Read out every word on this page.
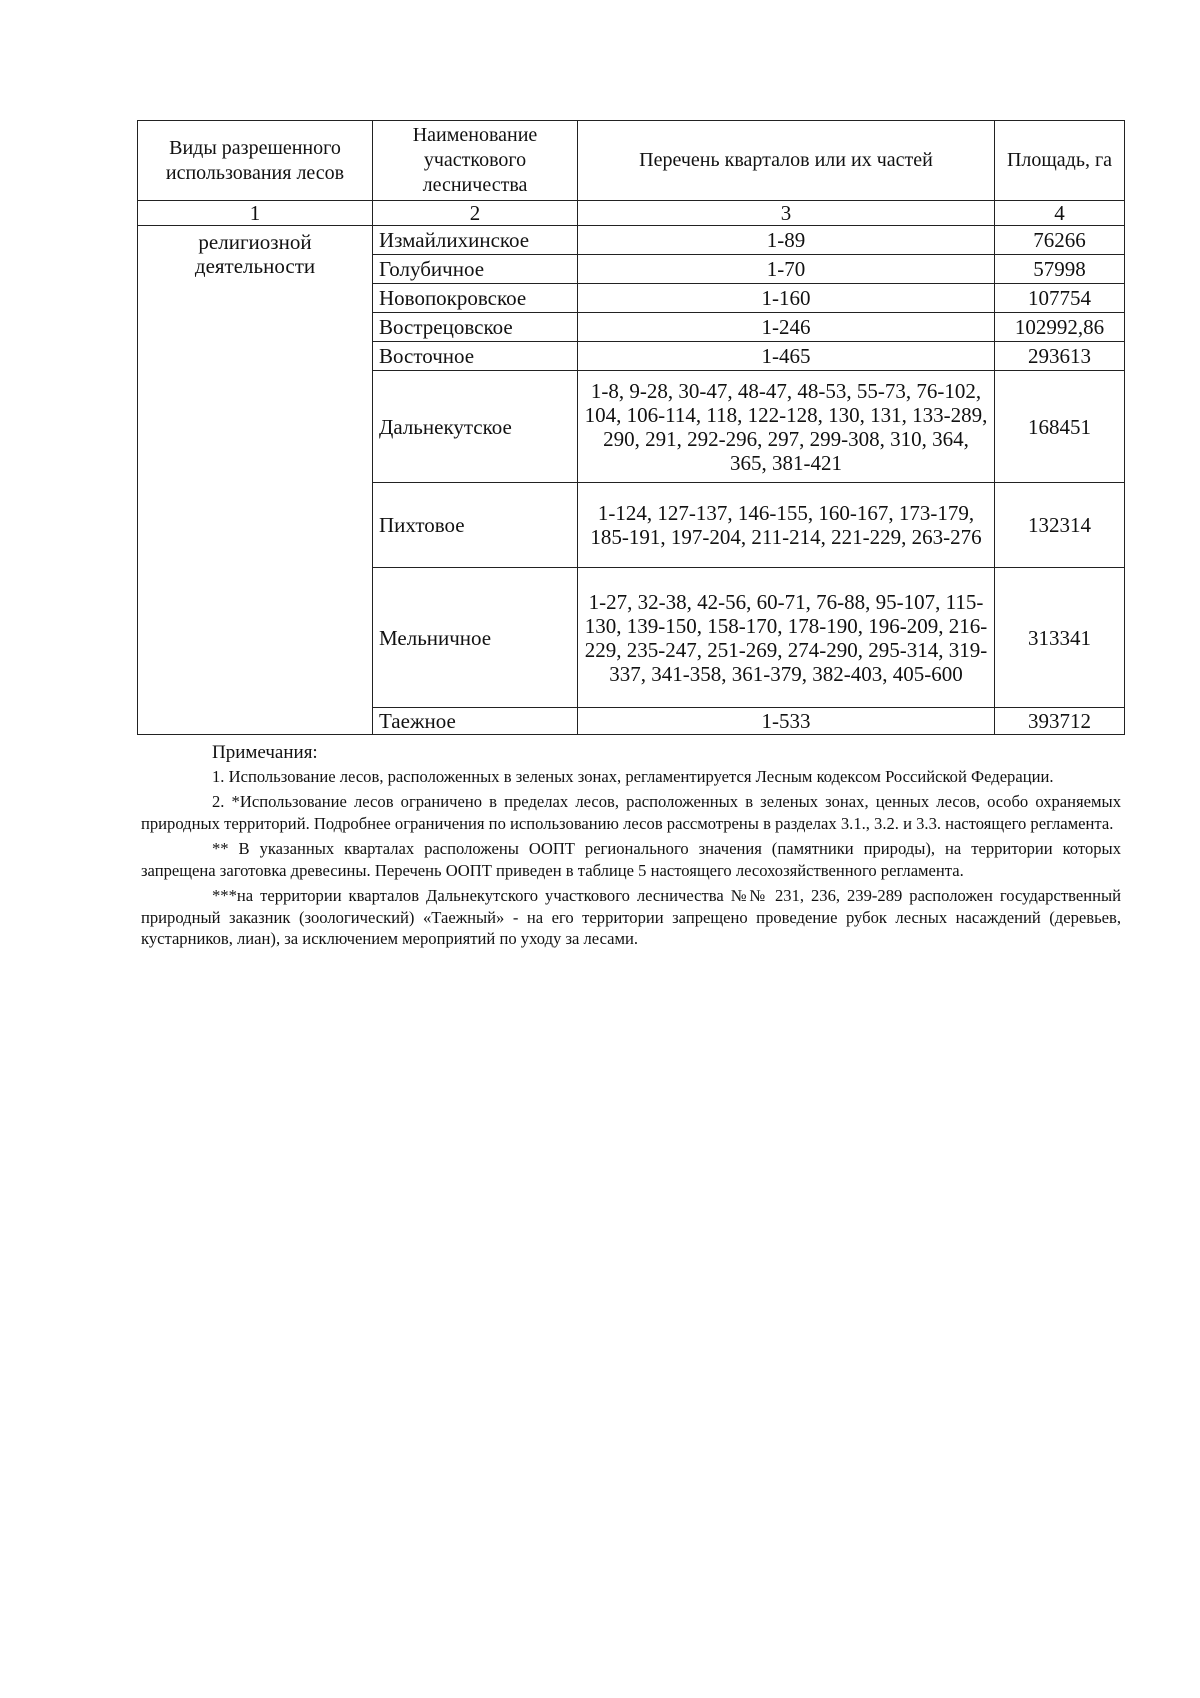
Виды разрешенного использования лесов	Наименование участкового лесничества	Перечень кварталов или их частей	Площадь, га
1	2	3	4
религиозной деятельности	Измайлихинское	1-89	76266
	Голубичное	1-70	57998
	Новопокровское	1-160	107754
	Вострецовское	1-246	102992,86
	Восточное	1-465	293613
	Дальнекутское	1-8, 9-28, 30-47, 48-47, 48-53, 55-73, 76-102, 104, 106-114, 118, 122-128, 130, 131, 133-289, 290, 291, 292-296, 297, 299-308, 310, 364, 365, 381-421	168451
	Пихтовое	1-124, 127-137, 146-155, 160-167, 173-179, 185-191, 197-204, 211-214, 221-229, 263-276	132314
	Мельничное	1-27, 32-38, 42-56, 60-71, 76-88, 95-107, 115-130, 139-150, 158-170, 178-190, 196-209, 216-229, 235-247, 251-269, 274-290, 295-314, 319-337, 341-358, 361-379, 382-403, 405-600	313341
	Таежное	1-533	393712
Примечания:

1. Использование лесов, расположенных в зеленых зонах, регламентируется Лесным кодексом Российской Федерации.

2. *Использование лесов ограничено в пределах лесов, расположенных в зеленых зонах, ценных лесов, особо охраняемых природных территорий. Подробнее ограничения по использованию лесов рассмотрены в разделах 3.1., 3.2. и 3.3. настоящего регламента.

** В указанных кварталах расположены ООПТ регионального значения (памятники природы), на территории которых запрещена заготовка древесины. Перечень ООПТ приведен в таблице 5 настоящего лесохозяйственного регламента.

***на территории кварталов Дальнекутского участкового лесничества №№ 231, 236, 239-289 расположен государственный природный заказник (зоологический) «Таежный» - на его территории запрещено проведение рубок лесных насаждений (деревьев, кустарников, лиан), за исключением мероприятий по уходу за лесами.
